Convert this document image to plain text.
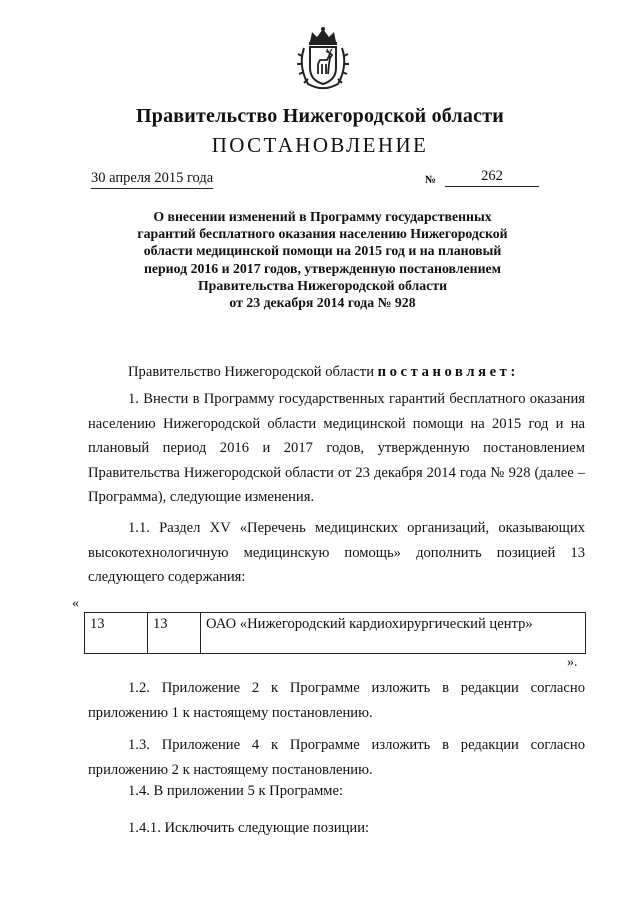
Правительство Нижегородской области
ПОСТАНОВЛЕНИЕ
30 апреля 2015 года	№	262
О внесении изменений в Программу государственных
гарантий бесплатного оказания населению Нижегородской
области медицинской помощи на 2015 год и на плановый
период 2016 и 2017 годов, утвержденную постановлением
Правительства Нижегородской области
от 23 декабря 2014 года № 928
Правительство Нижегородской области постановляет:
1. Внести в Программу государственных гарантий бесплатного оказания населению Нижегородской области медицинской помощи на 2015 год и на плановый период 2016 и 2017 годов, утвержденную постановлением Правительства Нижегородской области от 23 декабря 2014 года № 928 (далее – Программа), следующие изменения.
1.1. Раздел XV «Перечень медицинских организаций, оказывающих высокотехнологичную медицинскую помощь» дополнить позицией 13 следующего содержания:
«
13	13	ОАО «Нижегородский кардиохирургический центр»
».
1.2. Приложение 2 к Программе изложить в редакции согласно приложению 1 к настоящему постановлению.
1.3. Приложение 4 к Программе изложить в редакции согласно приложению 2 к настоящему постановлению.
1.4. В приложении 5 к Программе:
1.4.1. Исключить следующие позиции:
